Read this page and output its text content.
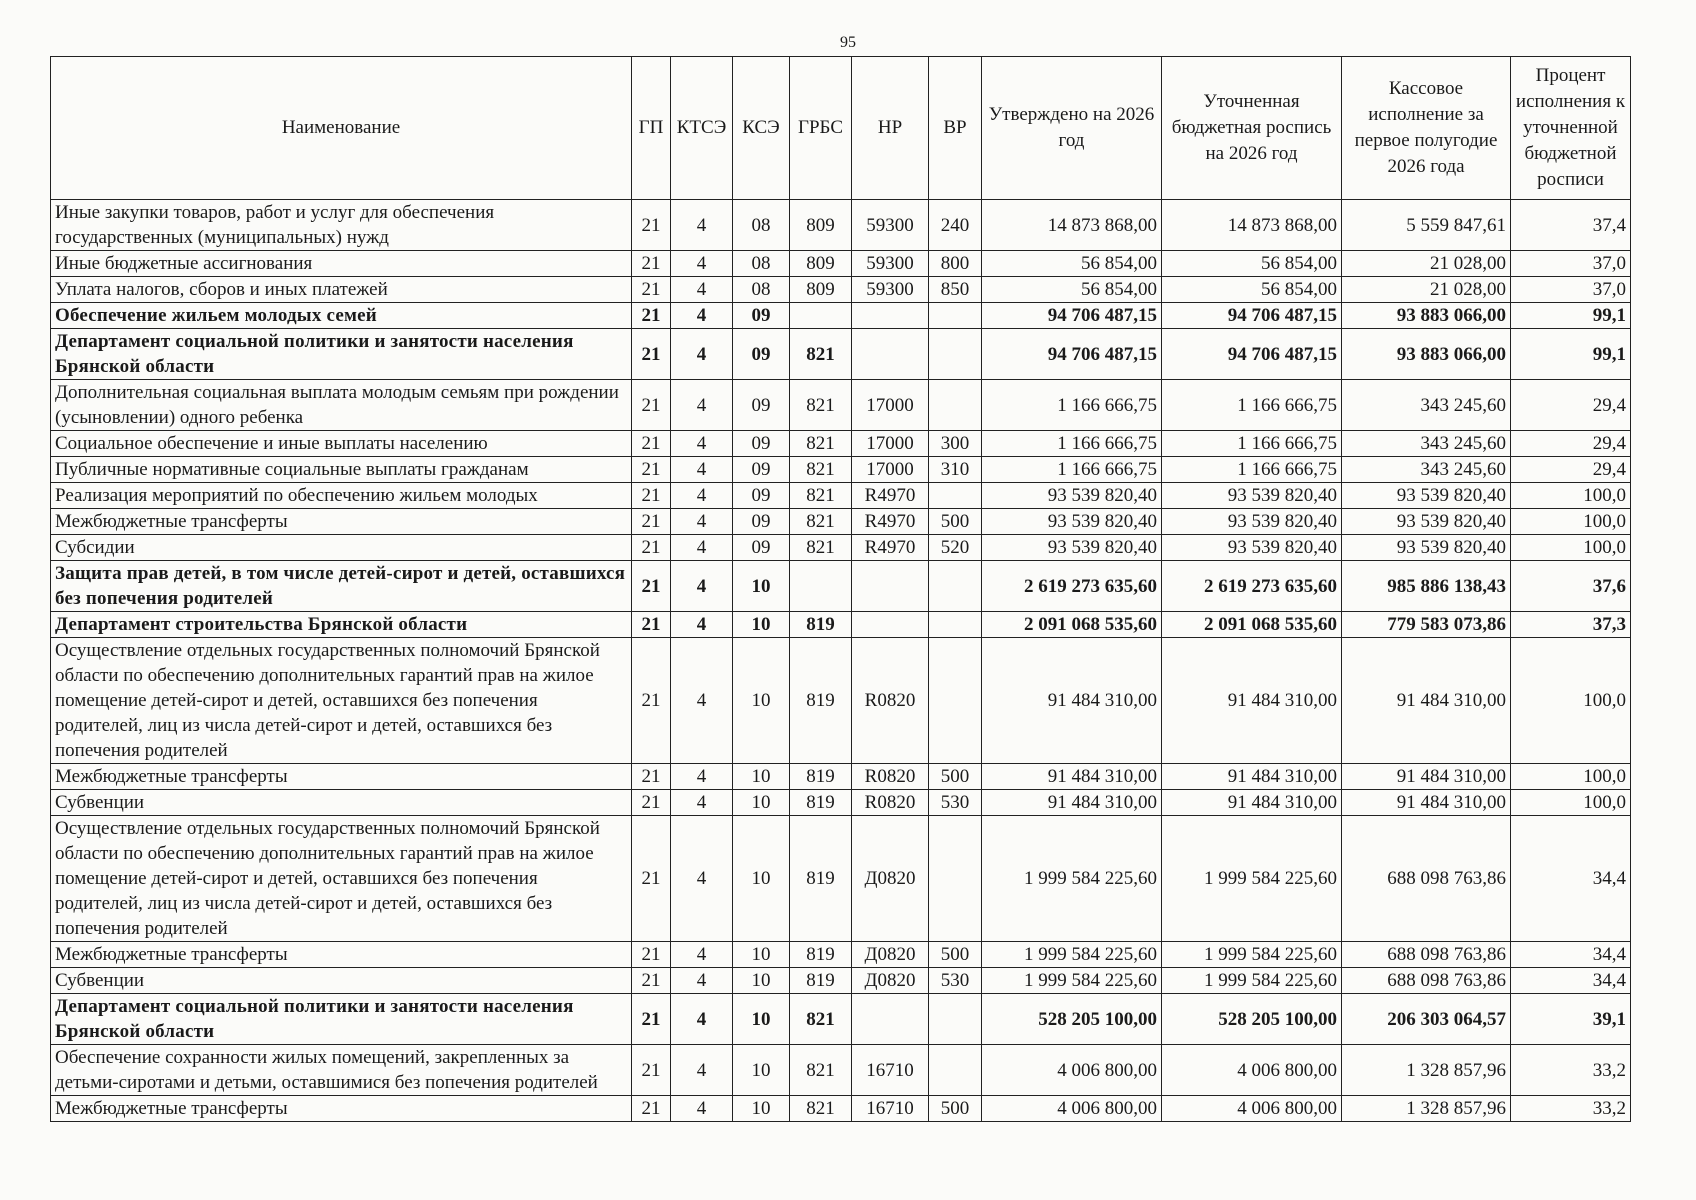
95
Наименование	ГП	КТСЭ	КСЭ	ГРБС	НР	ВР	Утверждено на 2026 год	Уточненная бюджетная роспись на 2026 год	Кассовое исполнение за первое полугодие 2026 года	Процент исполнения к уточненной бюджетной росписи
Иные закупки товаров, работ и услуг для обеспечения государственных (муниципальных) нужд	21	4	08	809	59300	240	14 873 868,00	14 873 868,00	5 559 847,61	37,4
Иные бюджетные ассигнования	21	4	08	809	59300	800	56 854,00	56 854,00	21 028,00	37,0
Уплата налогов, сборов и иных платежей	21	4	08	809	59300	850	56 854,00	56 854,00	21 028,00	37,0
Обеспечение жильем молодых семей	21	4	09				94 706 487,15	94 706 487,15	93 883 066,00	99,1
Департамент социальной политики и занятости населения Брянской области	21	4	09	821			94 706 487,15	94 706 487,15	93 883 066,00	99,1
Дополнительная социальная выплата молодым семьям при рождении (усыновлении) одного ребенка	21	4	09	821	17000		1 166 666,75	1 166 666,75	343 245,60	29,4
Социальное обеспечение и иные выплаты населению	21	4	09	821	17000	300	1 166 666,75	1 166 666,75	343 245,60	29,4
Публичные нормативные социальные выплаты гражданам	21	4	09	821	17000	310	1 166 666,75	1 166 666,75	343 245,60	29,4
Реализация мероприятий по обеспечению жильем молодых	21	4	09	821	R4970		93 539 820,40	93 539 820,40	93 539 820,40	100,0
Межбюджетные трансферты	21	4	09	821	R4970	500	93 539 820,40	93 539 820,40	93 539 820,40	100,0
Субсидии	21	4	09	821	R4970	520	93 539 820,40	93 539 820,40	93 539 820,40	100,0
Защита прав детей, в том числе детей-сирот и детей, оставшихся без попечения родителей	21	4	10				2 619 273 635,60	2 619 273 635,60	985 886 138,43	37,6
Департамент строительства Брянской области	21	4	10	819			2 091 068 535,60	2 091 068 535,60	779 583 073,86	37,3
Осуществление отдельных государственных полномочий Брянской области по обеспечению дополнительных гарантий прав на жилое помещение детей-сирот и детей, оставшихся без попечения родителей, лиц из числа детей-сирот и детей, оставшихся без попечения родителей	21	4	10	819	R0820		91 484 310,00	91 484 310,00	91 484 310,00	100,0
Межбюджетные трансферты	21	4	10	819	R0820	500	91 484 310,00	91 484 310,00	91 484 310,00	100,0
Субвенции	21	4	10	819	R0820	530	91 484 310,00	91 484 310,00	91 484 310,00	100,0
Осуществление отдельных государственных полномочий Брянской области по обеспечению дополнительных гарантий прав на жилое помещение детей-сирот и детей, оставшихся без попечения родителей, лиц из числа детей-сирот и детей, оставшихся без попечения родителей	21	4	10	819	Д0820		1 999 584 225,60	1 999 584 225,60	688 098 763,86	34,4
Межбюджетные трансферты	21	4	10	819	Д0820	500	1 999 584 225,60	1 999 584 225,60	688 098 763,86	34,4
Субвенции	21	4	10	819	Д0820	530	1 999 584 225,60	1 999 584 225,60	688 098 763,86	34,4
Департамент социальной политики и занятости населения Брянской области	21	4	10	821			528 205 100,00	528 205 100,00	206 303 064,57	39,1
Обеспечение сохранности жилых помещений, закрепленных за детьми-сиротами и детьми, оставшимися без попечения родителей	21	4	10	821	16710		4 006 800,00	4 006 800,00	1 328 857,96	33,2
Межбюджетные трансферты	21	4	10	821	16710	500	4 006 800,00	4 006 800,00	1 328 857,96	33,2
